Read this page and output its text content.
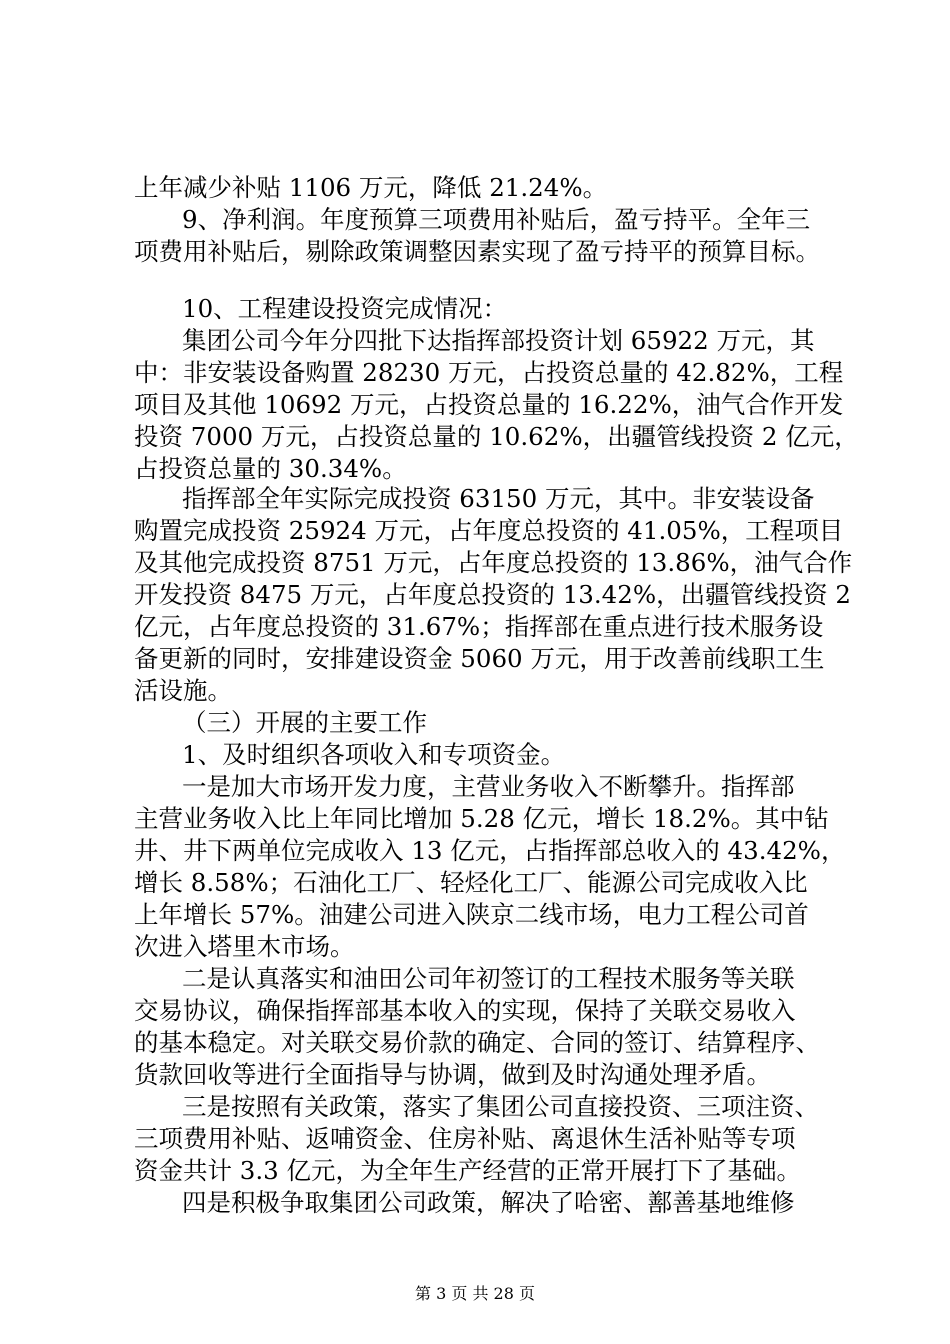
上年减少补贴 1106 万元，降低 21.24%。
9、净利润。年度预算三项费用补贴后，盈亏持平。全年三
项费用补贴后，剔除政策调整因素实现了盈亏持平的预算目标。
10、工程建设投资完成情况：
集团公司今年分四批下达指挥部投资计划 65922 万元，其
中：非安装设备购置 28230 万元，占投资总量的 42.82%，工程
项目及其他 10692 万元，占投资总量的 16.22%，油气合作开发
投资 7000 万元，占投资总量的 10.62%，出疆管线投资 2 亿元，
占投资总量的 30.34%。
指挥部全年实际完成投资 63150 万元，其中。非安装设备
购置完成投资 25924 万元，占年度总投资的 41.05%，工程项目
及其他完成投资 8751 万元，占年度总投资的 13.86%，油气合作
开发投资 8475 万元，占年度总投资的 13.42%，出疆管线投资 2
亿元，占年度总投资的 31.67%；指挥部在重点进行技术服务设
备更新的同时，安排建设资金 5060 万元，用于改善前线职工生
活设施。
（三）开展的主要工作
1、及时组织各项收入和专项资金。
一是加大市场开发力度，主营业务收入不断攀升。指挥部
主营业务收入比上年同比增加 5.28 亿元，增长 18.2%。其中钻
井、井下两单位完成收入 13 亿元，占指挥部总收入的 43.42%，
增长 8.58%；石油化工厂、轻烃化工厂、能源公司完成收入比
上年增长 57%。油建公司进入陕京二线市场，电力工程公司首
次进入塔里木市场。
二是认真落实和油田公司年初签订的工程技术服务等关联
交易协议，确保指挥部基本收入的实现，保持了关联交易收入
的基本稳定。对关联交易价款的确定、合同的签订、结算程序、
货款回收等进行全面指导与协调，做到及时沟通处理矛盾。
三是按照有关政策，落实了集团公司直接投资、三项注资、
三项费用补贴、返哺资金、住房补贴、离退休生活补贴等专项
资金共计 3.3 亿元，为全年生产经营的正常开展打下了基础。
四是积极争取集团公司政策，解决了哈密、鄯善基地维修
第 3 页 共 28 页
